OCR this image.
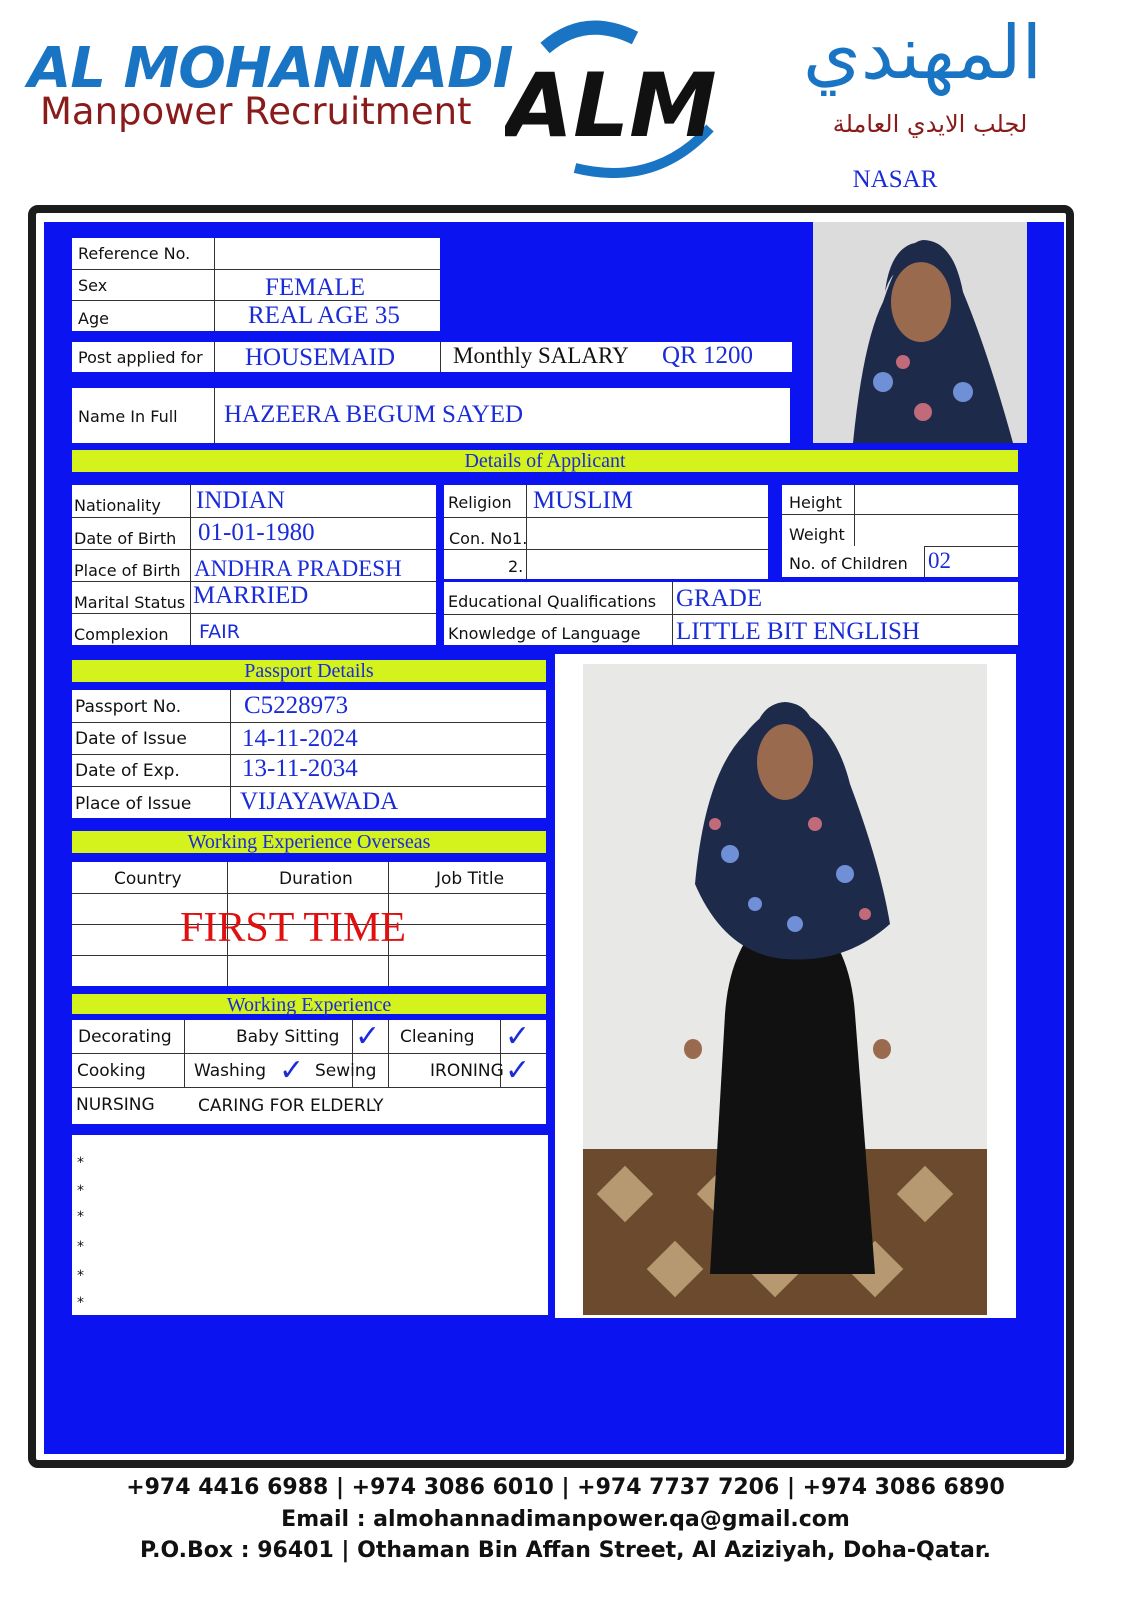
AL MOHANNADI
Manpower Recruitment ALM
المهندي
لجلب الايدي العاملة
NASAR
Reference No.
Sex	FEMALE
Age	REAL AGE 35
Post applied for HOUSEMAID	Monthly SALARY QR 1200
Name In Full HAZEERA BEGUM SAYED
Details of Applicant
Nationality INDIAN
Date of Birth 01-01-1980
Place of Birth ANDHRA PRADESH
Marital Status MARRIED
Complexion FAIR
Religion MUSLIM
Con. No1.
2.
Height
Weight
No. of Children 02
Educational Qualifications GRADE
Knowledge of Language LITTLE BIT ENGLISH
Passport Details
Passport No.	C5228973
Date of Issue 14-11-2024
Date of Exp. 13-11-2034
Place of Issue VIJAYAWADA
Working Experience Overseas
Country	Duration	Job Title
FIRST TIME
Working Experience
Decorating	Baby Sitting ✓ Cleaning ✓
Cooking	Washing ✓ Sewing	IRONING ✓
NURSING	CARING FOR ELDERLY
*
*
*
*
*
*
+974 4416 6988 | +974 3086 6010 | +974 7737 7206 | +974 3086 6890
Email : almohannadimanpower.qa@gmail.com
P.O.Box : 96401 | Othaman Bin Affan Street, Al Aziziyah, Doha-Qatar.
